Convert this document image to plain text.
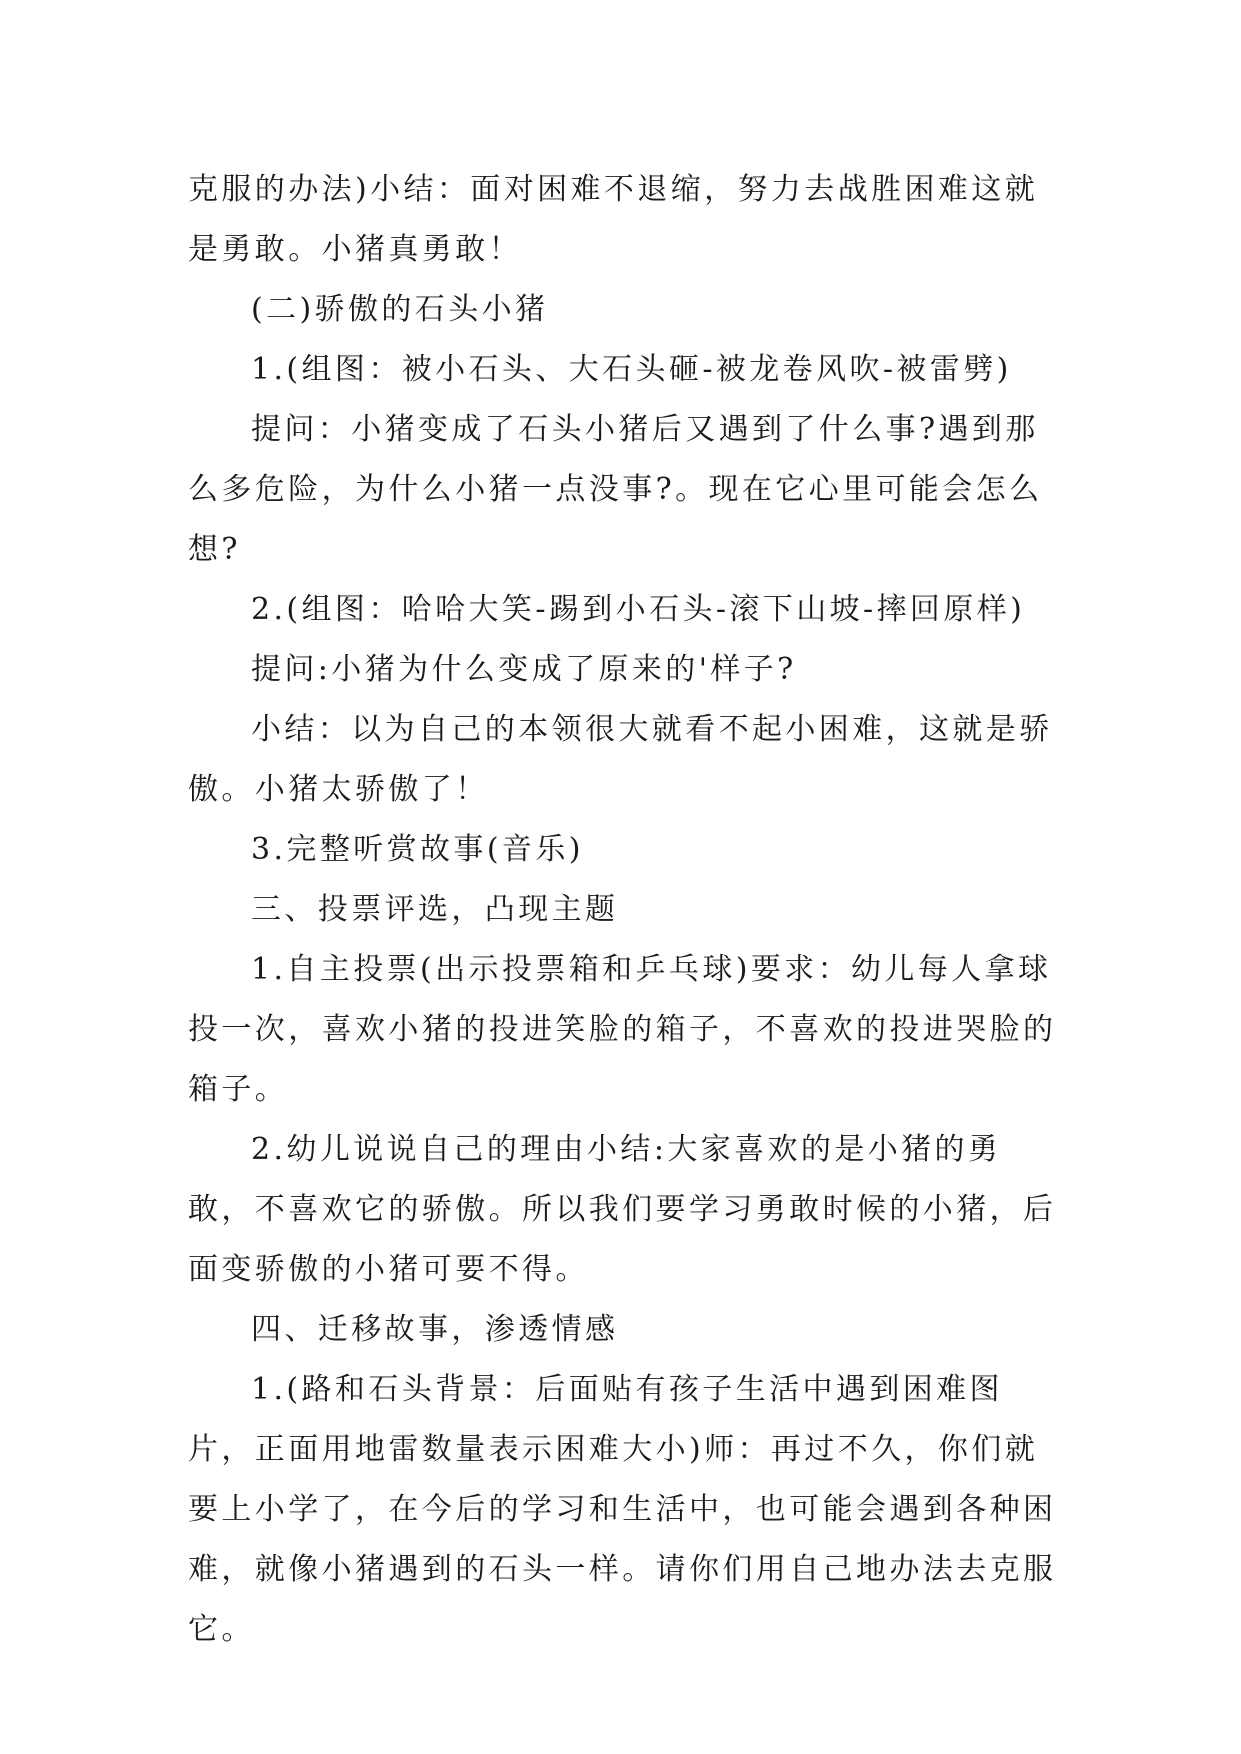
克服的办法)小结：面对困难不退缩，努力去战胜困难这就是勇敢。小猪真勇敢！

(二)骄傲的石头小猪

1.(组图：被小石头、大石头砸-被龙卷风吹-被雷劈)

提问：小猪变成了石头小猪后又遇到了什么事?遇到那么多危险，为什么小猪一点没事?。现在它心里可能会怎么想?

2.(组图：哈哈大笑-踢到小石头-滚下山坡-摔回原样)

提问:小猪为什么变成了原来的'样子?

小结：以为自己的本领很大就看不起小困难，这就是骄傲。小猪太骄傲了！

3.完整听赏故事(音乐)

三、投票评选，凸现主题

1.自主投票(出示投票箱和乒乓球)要求：幼儿每人拿球投一次，喜欢小猪的投进笑脸的箱子，不喜欢的投进哭脸的箱子。

2.幼儿说说自己的理由小结:大家喜欢的是小猪的勇敢，不喜欢它的骄傲。所以我们要学习勇敢时候的小猪，后面变骄傲的小猪可要不得。

四、迁移故事，渗透情感

1.(路和石头背景：后面贴有孩子生活中遇到困难图片，正面用地雷数量表示困难大小)师：再过不久，你们就要上小学了，在今后的学习和生活中，也可能会遇到各种困难，就像小猪遇到的石头一样。请你们用自己地办法去克服它。
